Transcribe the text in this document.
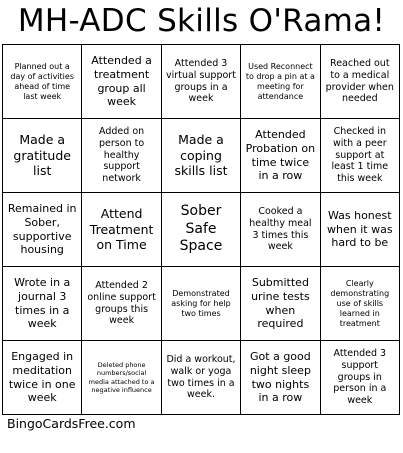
MH-ADC Skills O'Rama!
Planned out a day of activities ahead of time last week
Attended a treatment group all week
Attended 3 virtual support groups in a week
Used Reconnect to drop a pin at a meeting for attendance
Reached out to a medical provider when needed
Made a gratitude list
Added on person to healthy support network
Made a coping skills list
Attended Probation on time twice in a row
Checked in with a peer support at least 1 time this week
Remained in Sober, supportive housing
Attend Treatment on Time
Sober Safe Space
Cooked a healthy meal 3 times this week
Was honest when it was hard to be
Wrote in a journal 3 times in a week
Attended 2 online support groups this week
Demonstrated asking for help two times
Submitted urine tests when required
Clearly demonstrating use of skills learned in treatment
Engaged in meditation twice in one week
Deleted phone numbers/social media attached to a negative influence
Did a workout, walk or yoga two times in a week.
Got a good night sleep two nights in a row
Attended 3 support groups in person in a week
BingoCardsFree.com
